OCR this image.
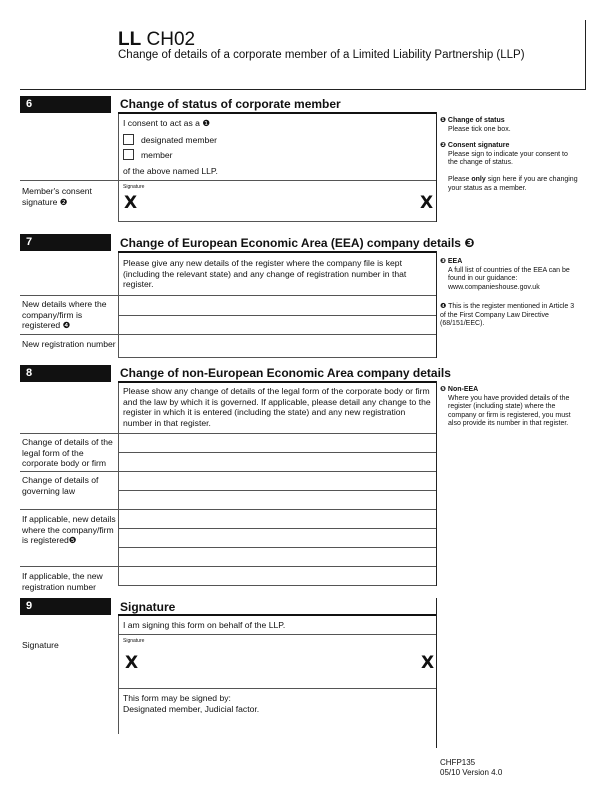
LL CH02
Change of details of a corporate member of a Limited Liability Partnership (LLP)
6	Change of status of corporate member
I consent to act as a ❶
designated member
member
of the above named LLP.
Member's consent signature ❷
Signature
X	X
❶ Change of status
Please tick one box.
❷ Consent signature

Please sign to indicate your consent to the change of status.
Please only sign here if you are changing your status as a member.
7	Change of European Economic Area (EEA) company details ❸
Please give any new details of the register where the company file is kept (including the relevant state) and any change of registration number in that register.
New details where the company/firm is registered ❹
New registration number
❸ EEA
A full list of countries of the EEA can be found in our guidance: www.companieshouse.gov.uk
❹ This is the register mentioned in Article 3 of the First Company Law Directive (68/151/EEC).
8	Change of non-European Economic Area company details
Please show any change of details of the legal form of the corporate body or firm and the law by which it is governed. If applicable, please detail any change to the register in which it is entered (including the state) and any new registration number in that register.
Change of details of the legal form of the corporate body or firm
Change of details of governing law
If applicable, new details where the company/firm is registered❺
If applicable, the new registration number
❺ Non-EEA
Where you have provided details of the register (including state) where the company or firm is registered, you must also provide its number in that register.
9	Signature
I am signing this form on behalf of the LLP.
Signature	Signature
X	X
This form may be signed by:
Designated member, Judicial factor.
CHFP135
05/10 Version 4.0
